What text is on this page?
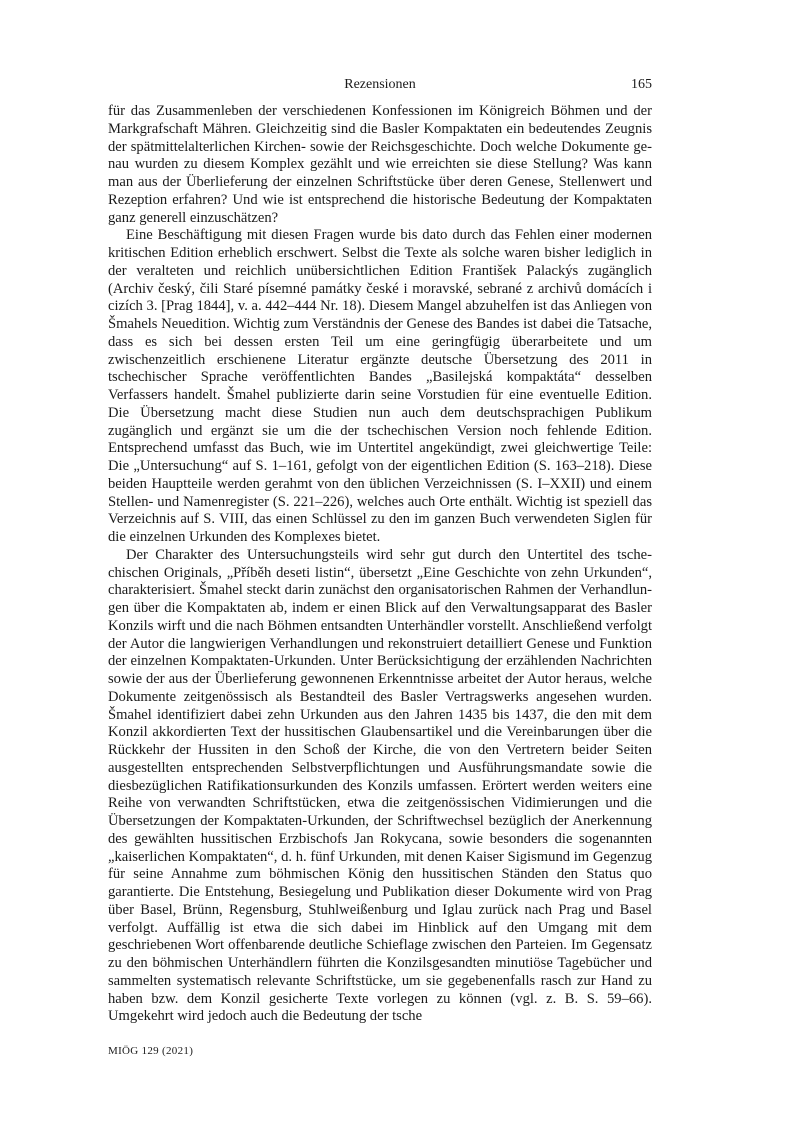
Rezensionen	165

für das Zusammenleben der verschiedenen Konfessionen im Königreich Böhmen und der Markgrafschaft Mähren. Gleichzeitig sind die Basler Kompaktaten ein bedeutendes Zeugnis der spätmittelalterlichen Kirchen- sowie der Reichsgeschichte. Doch welche Dokumente genau wurden zu diesem Komplex gezählt und wie erreichten sie diese Stellung? Was kann man aus der Überlieferung der einzelnen Schriftstücke über deren Genese, Stellenwert und Rezeption erfahren? Und wie ist entsprechend die historische Bedeutung der Kompaktaten ganz generell einzuschätzen?

Eine Beschäftigung mit diesen Fragen wurde bis dato durch das Fehlen einer modernen kritischen Edition erheblich erschwert. Selbst die Texte als solche waren bisher lediglich in der veralteten und reichlich unübersichtlichen Edition František Palackýs zugänglich (Archiv český, čili Staré písemné památky české i moravské, sebrané z archivů domácích i cizích 3. [Prag 1844], v. a. 442–444 Nr. 18). Diesem Mangel abzuhelfen ist das Anliegen von Šmahels Neuedition. Wichtig zum Verständnis der Genese des Bandes ist dabei die Tatsache, dass es sich bei dessen ersten Teil um eine geringfügig überarbeitete und um zwischenzeitlich erschienene Literatur ergänzte deutsche Übersetzung des 2011 in tschechischer Sprache veröffentlichten Bandes „Basilejská kompaktáta“ desselben Verfassers handelt. Šmahel publizierte darin seine Vorstudien für eine eventuelle Edition. Die Übersetzung macht diese Studien nun auch dem deutschsprachigen Publikum zugänglich und ergänzt sie um die der tschechischen Version noch fehlende Edition. Entsprechend umfasst das Buch, wie im Untertitel angekündigt, zwei gleichwertige Teile: Die „Untersuchung“ auf S. 1–161, gefolgt von der eigentlichen Edition (S. 163–218). Diese beiden Hauptteile werden gerahmt von den üblichen Verzeichnissen (S. I–XXII) und einem Stellen- und Namenregister (S. 221–226), welches auch Orte enthält. Wichtig ist speziell das Verzeichnis auf S. VIII, das einen Schlüssel zu den im ganzen Buch verwendeten Siglen für die einzelnen Urkunden des Komplexes bietet.

Der Charakter des Untersuchungsteils wird sehr gut durch den Untertitel des tschechischen Originals, „Příběh deseti listin“, übersetzt „Eine Geschichte von zehn Urkunden“, charakterisiert. Šmahel steckt darin zunächst den organisatorischen Rahmen der Verhandlungen über die Kompaktaten ab, indem er einen Blick auf den Verwaltungsapparat des Basler Konzils wirft und die nach Böhmen entsandten Unterhändler vorstellt. Anschließend verfolgt der Autor die langwierigen Verhandlungen und rekonstruiert detailliert Genese und Funktion der einzelnen Kompaktaten-Urkunden. Unter Berücksichtigung der erzählenden Nachrichten sowie der aus der Überlieferung gewonnenen Erkenntnisse arbeitet der Autor heraus, welche Dokumente zeitgenössisch als Bestandteil des Basler Vertragswerks angesehen wurden. Šmahel identifiziert dabei zehn Urkunden aus den Jahren 1435 bis 1437, die den mit dem Konzil akkordierten Text der hussitischen Glaubensartikel und die Vereinbarungen über die Rückkehr der Hussiten in den Schoß der Kirche, die von den Vertretern beider Seiten ausgestellten entsprechenden Selbstverpflichtungen und Ausführungsmandate sowie die diesbezüglichen Ratifikationsurkunden des Konzils umfassen. Erörtert werden weiters eine Reihe von verwandten Schriftstücken, etwa die zeitgenössischen Vidimierungen und die Übersetzungen der Kompaktaten-Urkunden, der Schriftwechsel bezüglich der Anerkennung des gewählten hussitischen Erzbischofs Jan Rokycana, sowie besonders die sogenannten „kaiserlichen Kompaktaten“, d. h. fünf Urkunden, mit denen Kaiser Sigismund im Gegenzug für seine Annahme zum böhmischen König den hussitischen Ständen den Status quo garantierte. Die Entstehung, Besiegelung und Publikation dieser Dokumente wird von Prag über Basel, Brünn, Regensburg, Stuhlweißenburg und Iglau zurück nach Prag und Basel verfolgt. Auffällig ist etwa die sich dabei im Hinblick auf den Umgang mit dem geschriebenen Wort offenbarende deutliche Schieflage zwischen den Parteien. Im Gegensatz zu den böhmischen Unterhändlern führten die Konzilsgesandten minutiöse Tagebücher und sammelten systematisch relevante Schriftstücke, um sie gegebenenfalls rasch zur Hand zu haben bzw. dem Konzil gesicherte Texte vorlegen zu können (vgl. z. B. S. 59–66). Umgekehrt wird jedoch auch die Bedeutung der tsche

MIÖG 129 (2021)
